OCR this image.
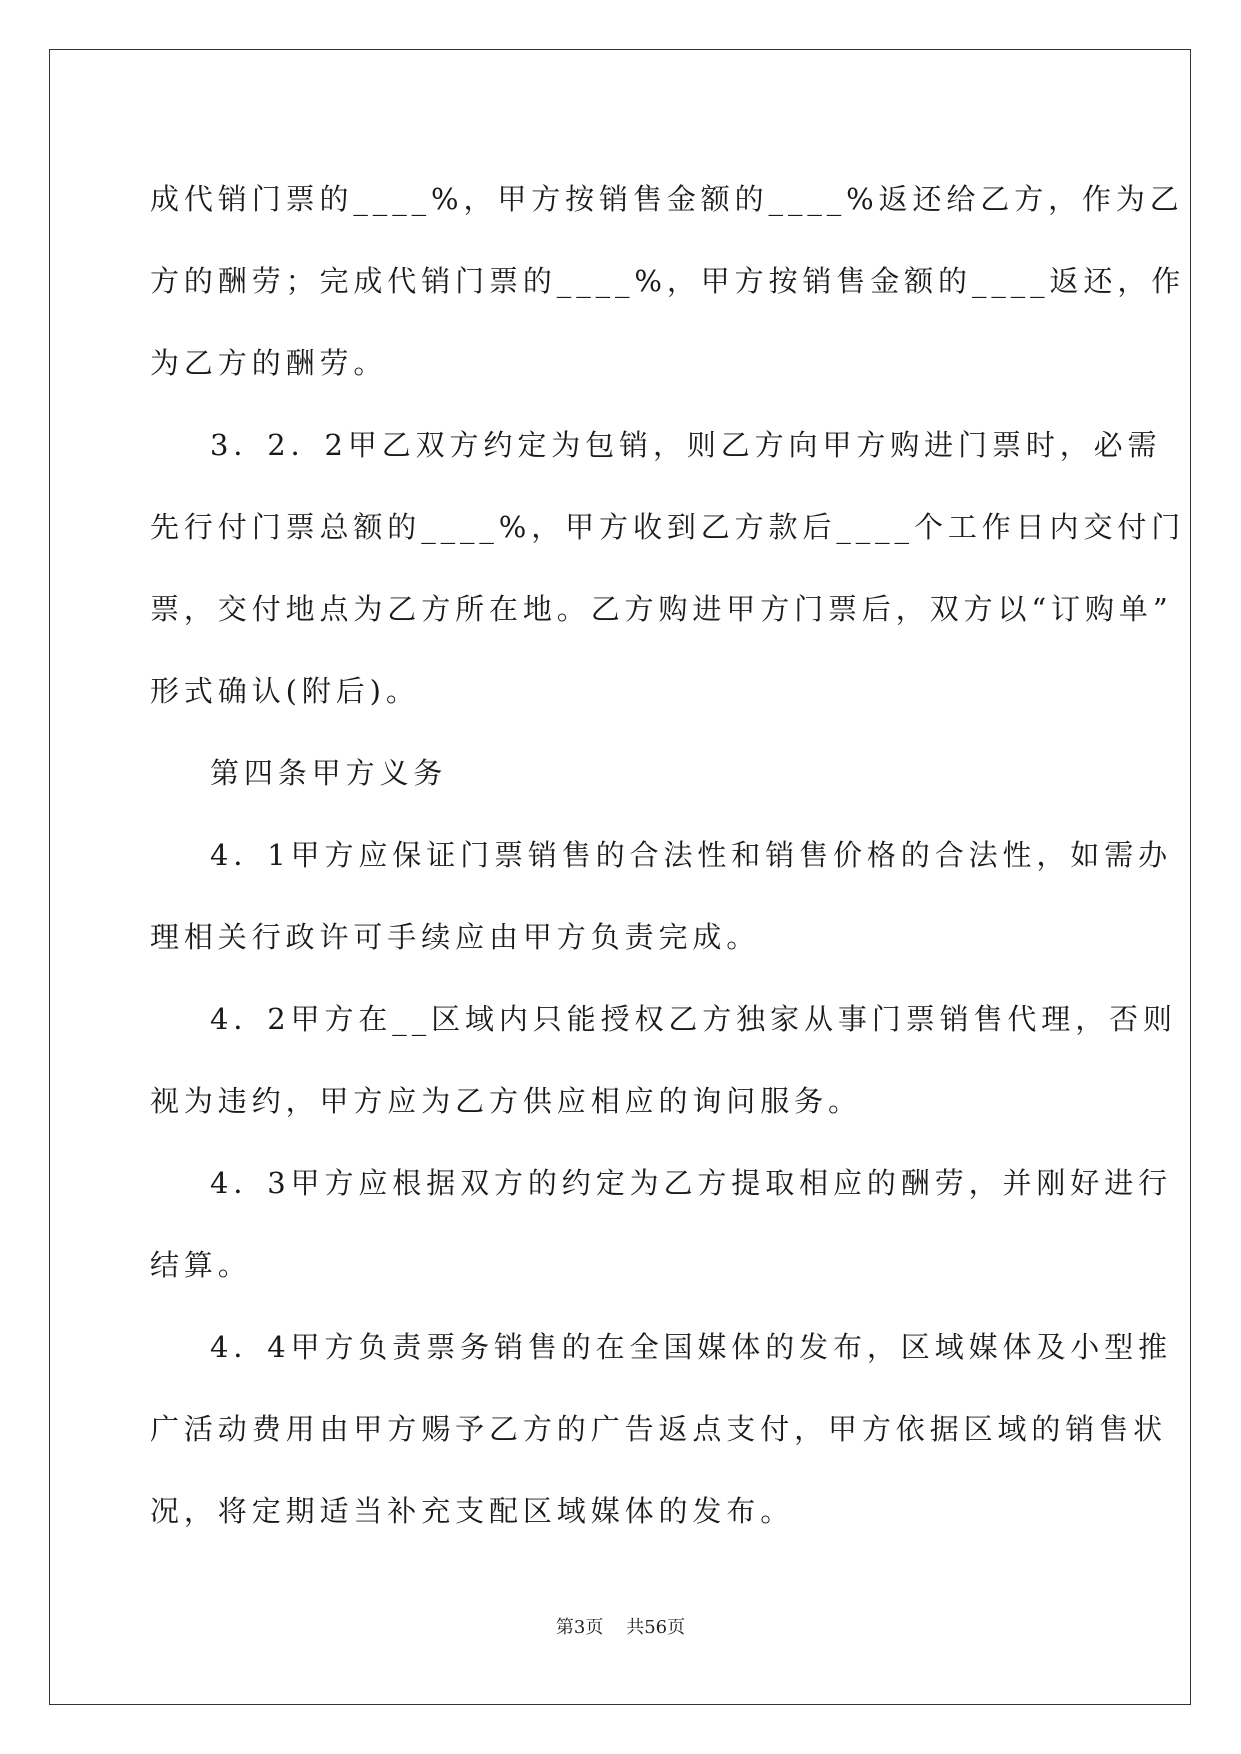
成代销门票的____%，甲方按销售金额的____%返还给乙方，作为乙
方的酬劳；完成代销门票的____%，甲方按销售金额的____返还，作
为乙方的酬劳。
3．2．2甲乙双方约定为包销，则乙方向甲方购进门票时，必需
先行付门票总额的____%，甲方收到乙方款后____个工作日内交付门
票，交付地点为乙方所在地。乙方购进甲方门票后，双方以“订购单”
形式确认(附后)。
第四条甲方义务
4．1甲方应保证门票销售的合法性和销售价格的合法性，如需办
理相关行政许可手续应由甲方负责完成。
4．2甲方在__区域内只能授权乙方独家从事门票销售代理，否则
视为违约，甲方应为乙方供应相应的询问服务。
4．3甲方应根据双方的约定为乙方提取相应的酬劳，并刚好进行
结算。
4．4甲方负责票务销售的在全国媒体的发布，区域媒体及小型推
广活动费用由甲方赐予乙方的广告返点支付，甲方依据区域的销售状
况，将定期适当补充支配区域媒体的发布。
第3页 共56页
